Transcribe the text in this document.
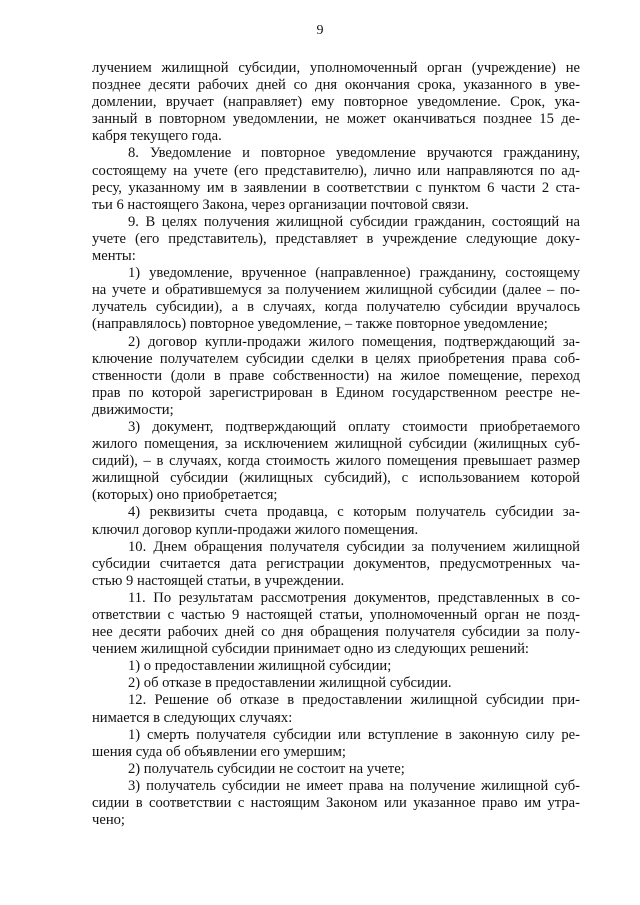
9
лучением жилищной субсидии, уполномоченный орган (учреждение) не
позднее десяти рабочих дней со дня окончания срока, указанного в уве-
домлении, вручает (направляет) ему повторное уведомление. Срок, ука-
занный в повторном уведомлении, не может оканчиваться позднее 15 де-
кабря текущего года.
8. Уведомление и повторное уведомление вручаются гражданину,
состоящему на учете (его представителю), лично или направляются по ад-
ресу, указанному им в заявлении в соответствии с пунктом 6 части 2 ста-
тьи 6 настоящего Закона, через организации почтовой связи.
9. В целях получения жилищной субсидии гражданин, состоящий на
учете (его представитель), представляет в учреждение следующие доку-
менты:
1) уведомление, врученное (направленное) гражданину, состоящему
на учете и обратившемуся за получением жилищной субсидии (далее – по-
лучатель субсидии), а в случаях, когда получателю субсидии вручалось
(направлялось) повторное уведомление, – также повторное уведомление;
2) договор купли-продажи жилого помещения, подтверждающий за-
ключение получателем субсидии сделки в целях приобретения права соб-
ственности (доли в праве собственности) на жилое помещение, переход
прав по которой зарегистрирован в Едином государственном реестре не-
движимости;
3) документ, подтверждающий оплату стоимости приобретаемого
жилого помещения, за исключением жилищной субсидии (жилищных суб-
сидий), – в случаях, когда стоимость жилого помещения превышает размер
жилищной субсидии (жилищных субсидий), с использованием которой
(которых) оно приобретается;
4) реквизиты счета продавца, с которым получатель субсидии за-
ключил договор купли-продажи жилого помещения.
10. Днем обращения получателя субсидии за получением жилищной
субсидии считается дата регистрации документов, предусмотренных ча-
стью 9 настоящей статьи, в учреждении.
11. По результатам рассмотрения документов, представленных в со-
ответствии с частью 9 настоящей статьи, уполномоченный орган не позд-
нее десяти рабочих дней со дня обращения получателя субсидии за полу-
чением жилищной субсидии принимает одно из следующих решений:
1) о предоставлении жилищной субсидии;
2) об отказе в предоставлении жилищной субсидии.
12. Решение об отказе в предоставлении жилищной субсидии при-
нимается в следующих случаях:
1) смерть получателя субсидии или вступление в законную силу ре-
шения суда об объявлении его умершим;
2) получатель субсидии не состоит на учете;
3) получатель субсидии не имеет права на получение жилищной суб-
сидии в соответствии с настоящим Законом или указанное право им утра-
чено;
